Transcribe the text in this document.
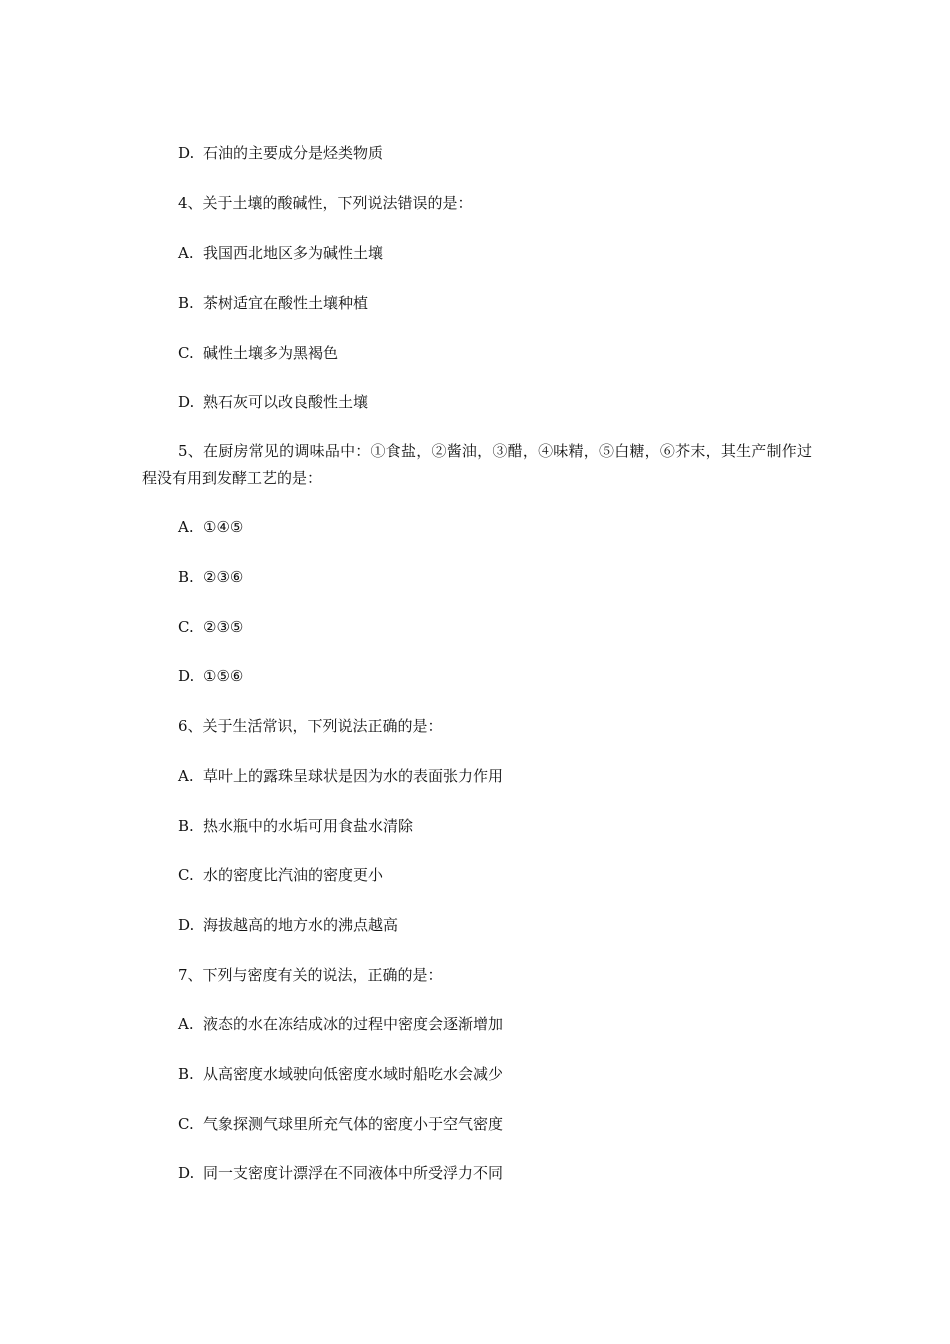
D. 石油的主要成分是烃类物质
4、关于土壤的酸碱性，下列说法错误的是：
A. 我国西北地区多为碱性土壤
B. 茶树适宜在酸性土壤种植
C. 碱性土壤多为黑褐色
D. 熟石灰可以改良酸性土壤
5、在厨房常见的调味品中：①食盐，②酱油，③醋，④味精，⑤白糖，⑥芥末，其生产制作过程没有用到发酵工艺的是：
A. ①④⑤
B. ②③⑥
C. ②③⑤
D. ①⑤⑥
6、关于生活常识，下列说法正确的是：
A. 草叶上的露珠呈球状是因为水的表面张力作用
B. 热水瓶中的水垢可用食盐水清除
C. 水的密度比汽油的密度更小
D. 海拔越高的地方水的沸点越高
7、下列与密度有关的说法，正确的是：
A. 液态的水在冻结成冰的过程中密度会逐渐增加
B. 从高密度水域驶向低密度水域时船吃水会减少
C. 气象探测气球里所充气体的密度小于空气密度
D. 同一支密度计漂浮在不同液体中所受浮力不同
